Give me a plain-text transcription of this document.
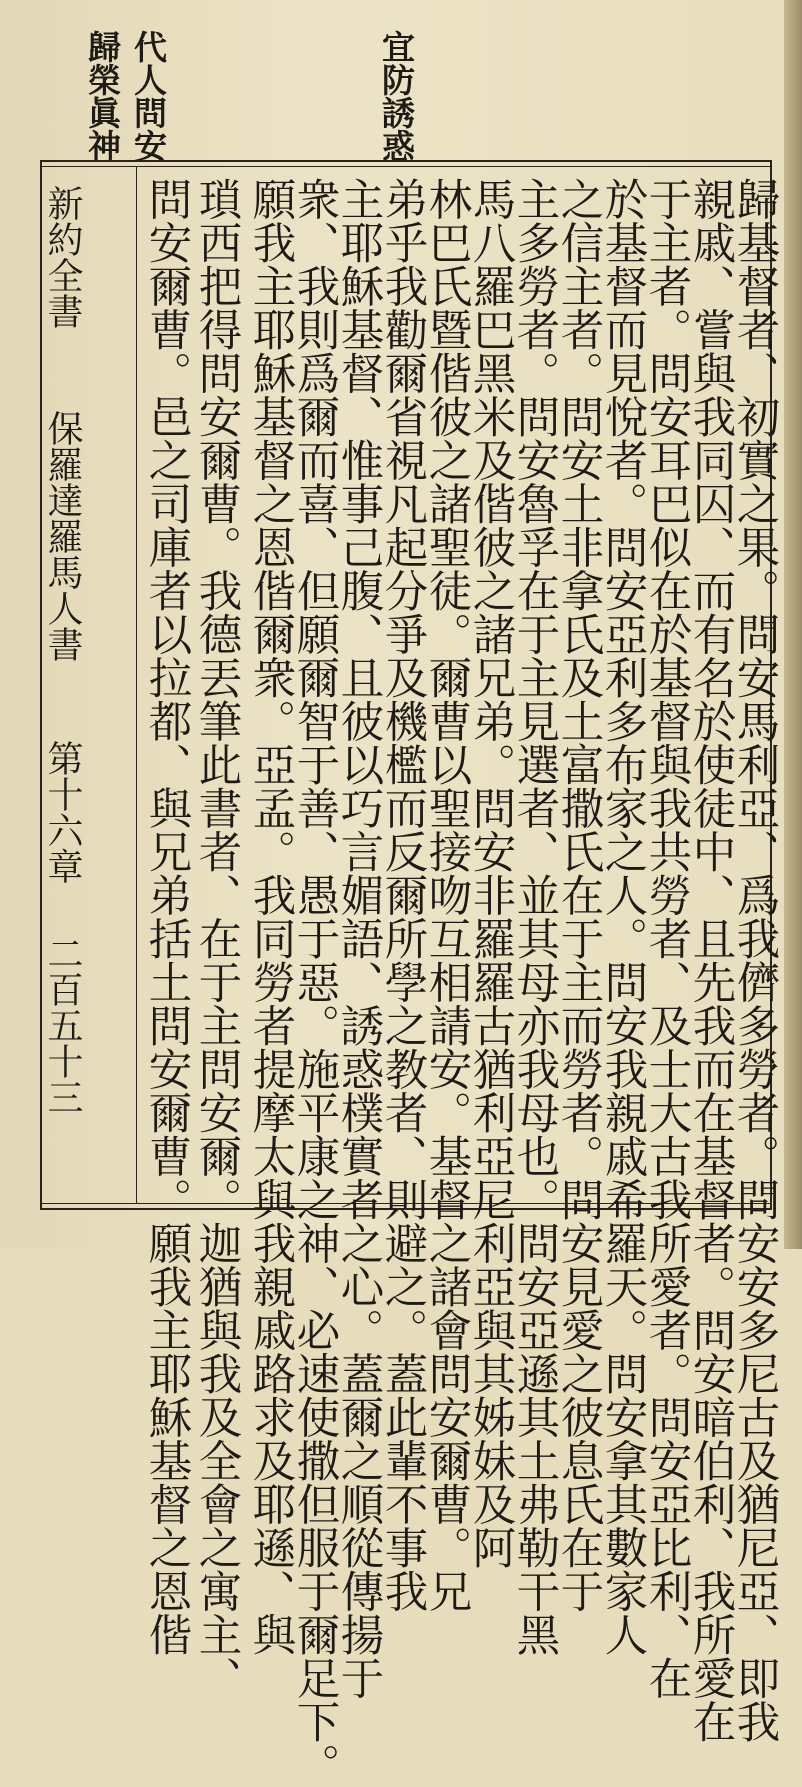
宜防誘惑
代人問安
歸榮眞神
歸基督者、初實之果。問安馬利亞、爲我儕多勞者。問安安多尼古及猶尼亞、即我
親戚、嘗與我同囚、而有名於使徒中、且先我而在基督者。問安暗伯利、我所愛在
于主者。問安耳巴似在於基督與我共勞者、及士大古我所愛者。問安亞比利、在
於基督而見悅者。問安亞利多布家之人。問安我親戚希羅天。問安拿其數家人
之信主者。問安土非拿氏及土富撒氏在于主而勞者。問安見愛之彼息氏在于
主多勞者。問安魯孚在于主見選者、並其母亦我母也。問安亞遜其土弗勒干黑
馬八羅巴黑米及偕彼之諸兄弟。問安非羅羅古猶利亞尼利亞與其姊妹及阿
林巴氏暨偕彼之諸聖徒。爾曹以聖接吻互相請安。基督之諸會問安爾曹。兄
弟乎我勸爾省視凡起分爭及機檻而反爾所學之教者、則避之。蓋此輩不事我
主耶穌基督、惟事己腹、且彼以巧言媚語、誘惑樸實者之心。蓋爾之順從傳揚于
衆、我則爲爾而喜、但願爾智于善、愚于惡。施平康之神、必速使撒但服于爾足下。
願我主耶穌基督之恩偕爾衆。亞孟。我同勞者提摩太與我親戚路求及耶遜、與
瑣西把得問安爾曹。我德丟筆此書者、在于主問安爾。迦猶與我及全會之寓主、
問安爾曹。邑之司庫者以拉都、與兄弟括土問安爾曹。願我主耶穌基督之恩偕
新約全書
保羅達羅馬人書
第十六章
二百五十三
